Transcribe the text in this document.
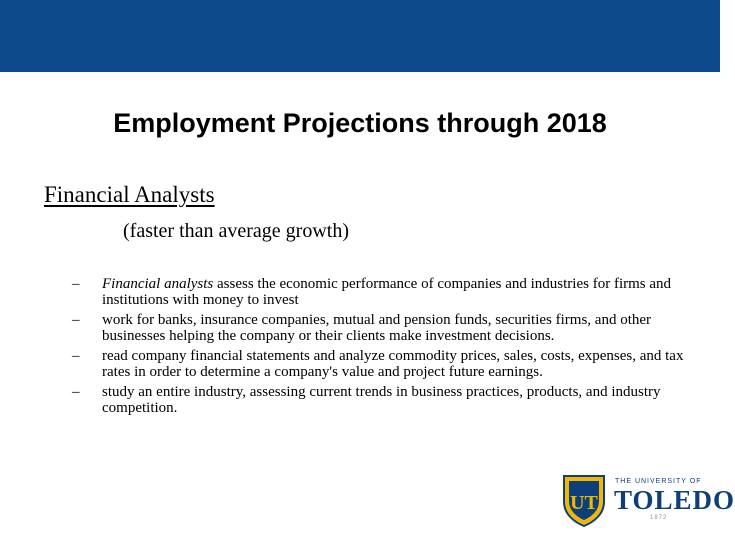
Employment Projections through 2018
Financial Analysts
(faster than average growth)
– Financial analysts assess the economic performance of companies and industries for firms and institutions with money to invest
– work for banks, insurance companies, mutual and pension funds, securities firms, and other businesses helping the company or their clients make investment decisions.
– read company financial statements and analyze commodity prices, sales, costs, expenses, and tax rates in order to determine a company's value and project future earnings.
– study an entire industry, assessing current trends in business practices, products, and industry competition.
UT
THE UNIVERSITY OF
TOLEDO
1872
